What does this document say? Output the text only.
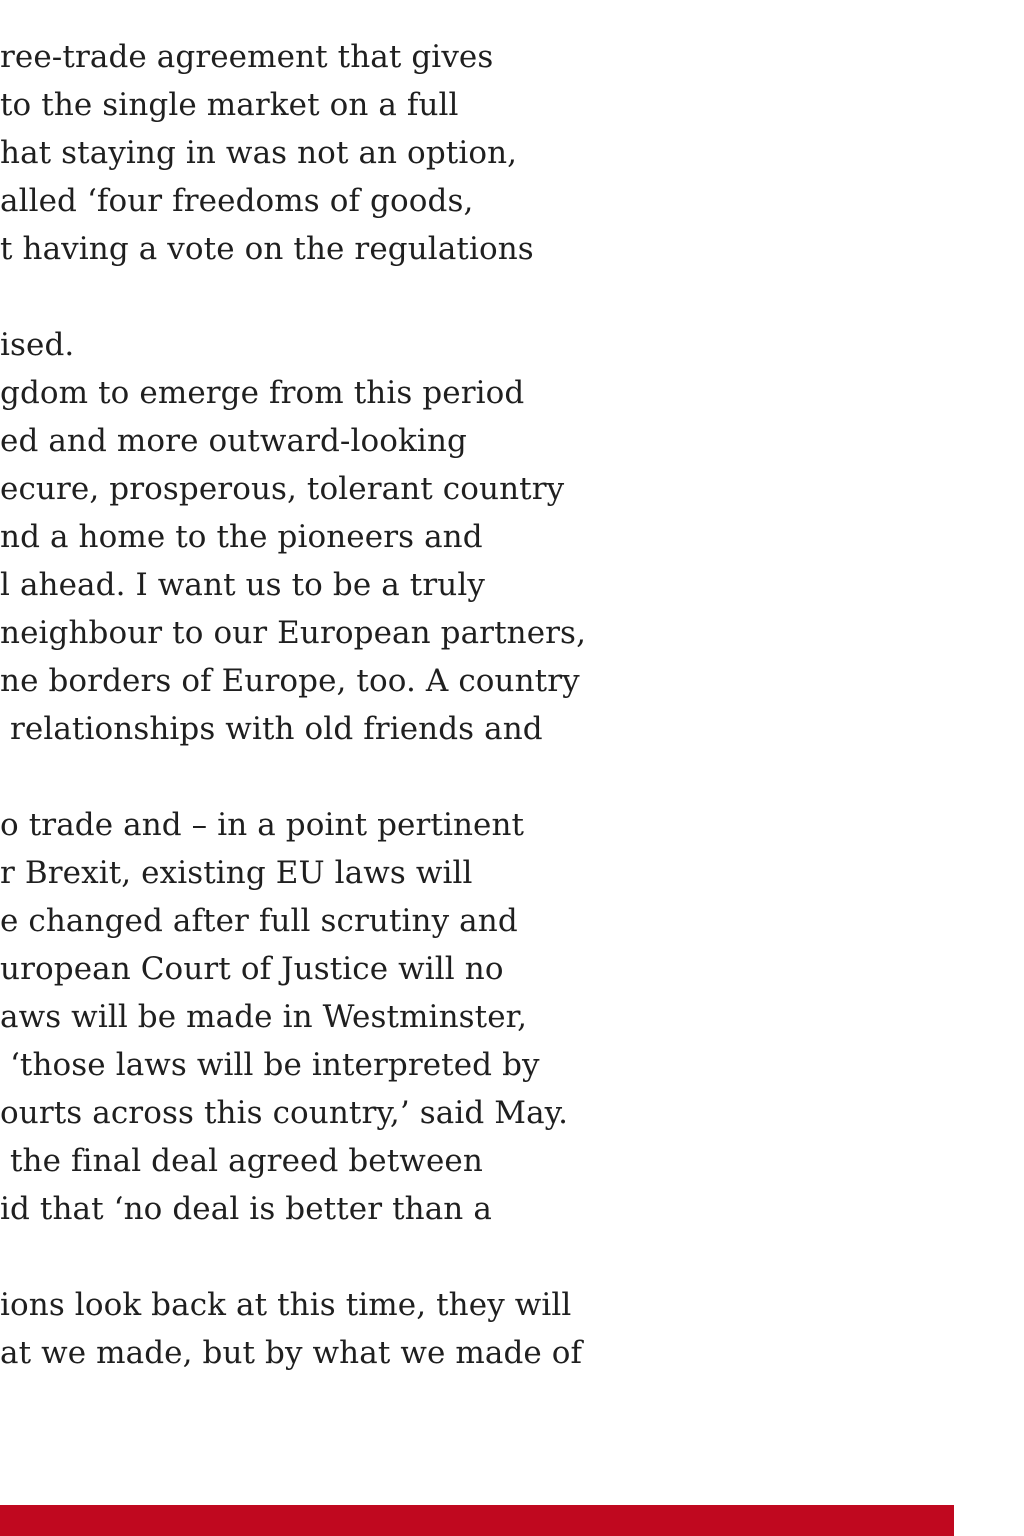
ree-trade agreement that gives
to the single market on a full
hat staying in was not an option,
alled ‘four freedoms of goods,
t having a vote on the regulations
ised.
gdom to emerge from this period
ed and more outward-looking
ecure, prosperous, tolerant country
nd a home to the pioneers and
l ahead. I want us to be a truly
neighbour to our European partners,
ne borders of Europe, too. A country
relationships with old friends and
o trade and – in a point pertinent
r Brexit, existing EU laws will
e changed after full scrutiny and
uropean Court of Justice will no
aws will be made in Westminster,
‘those laws will be interpreted by
ourts across this country,’ said May.
the final deal agreed between
id that ‘no deal is better than a
ions look back at this time, they will
at we made, but by what we made of
